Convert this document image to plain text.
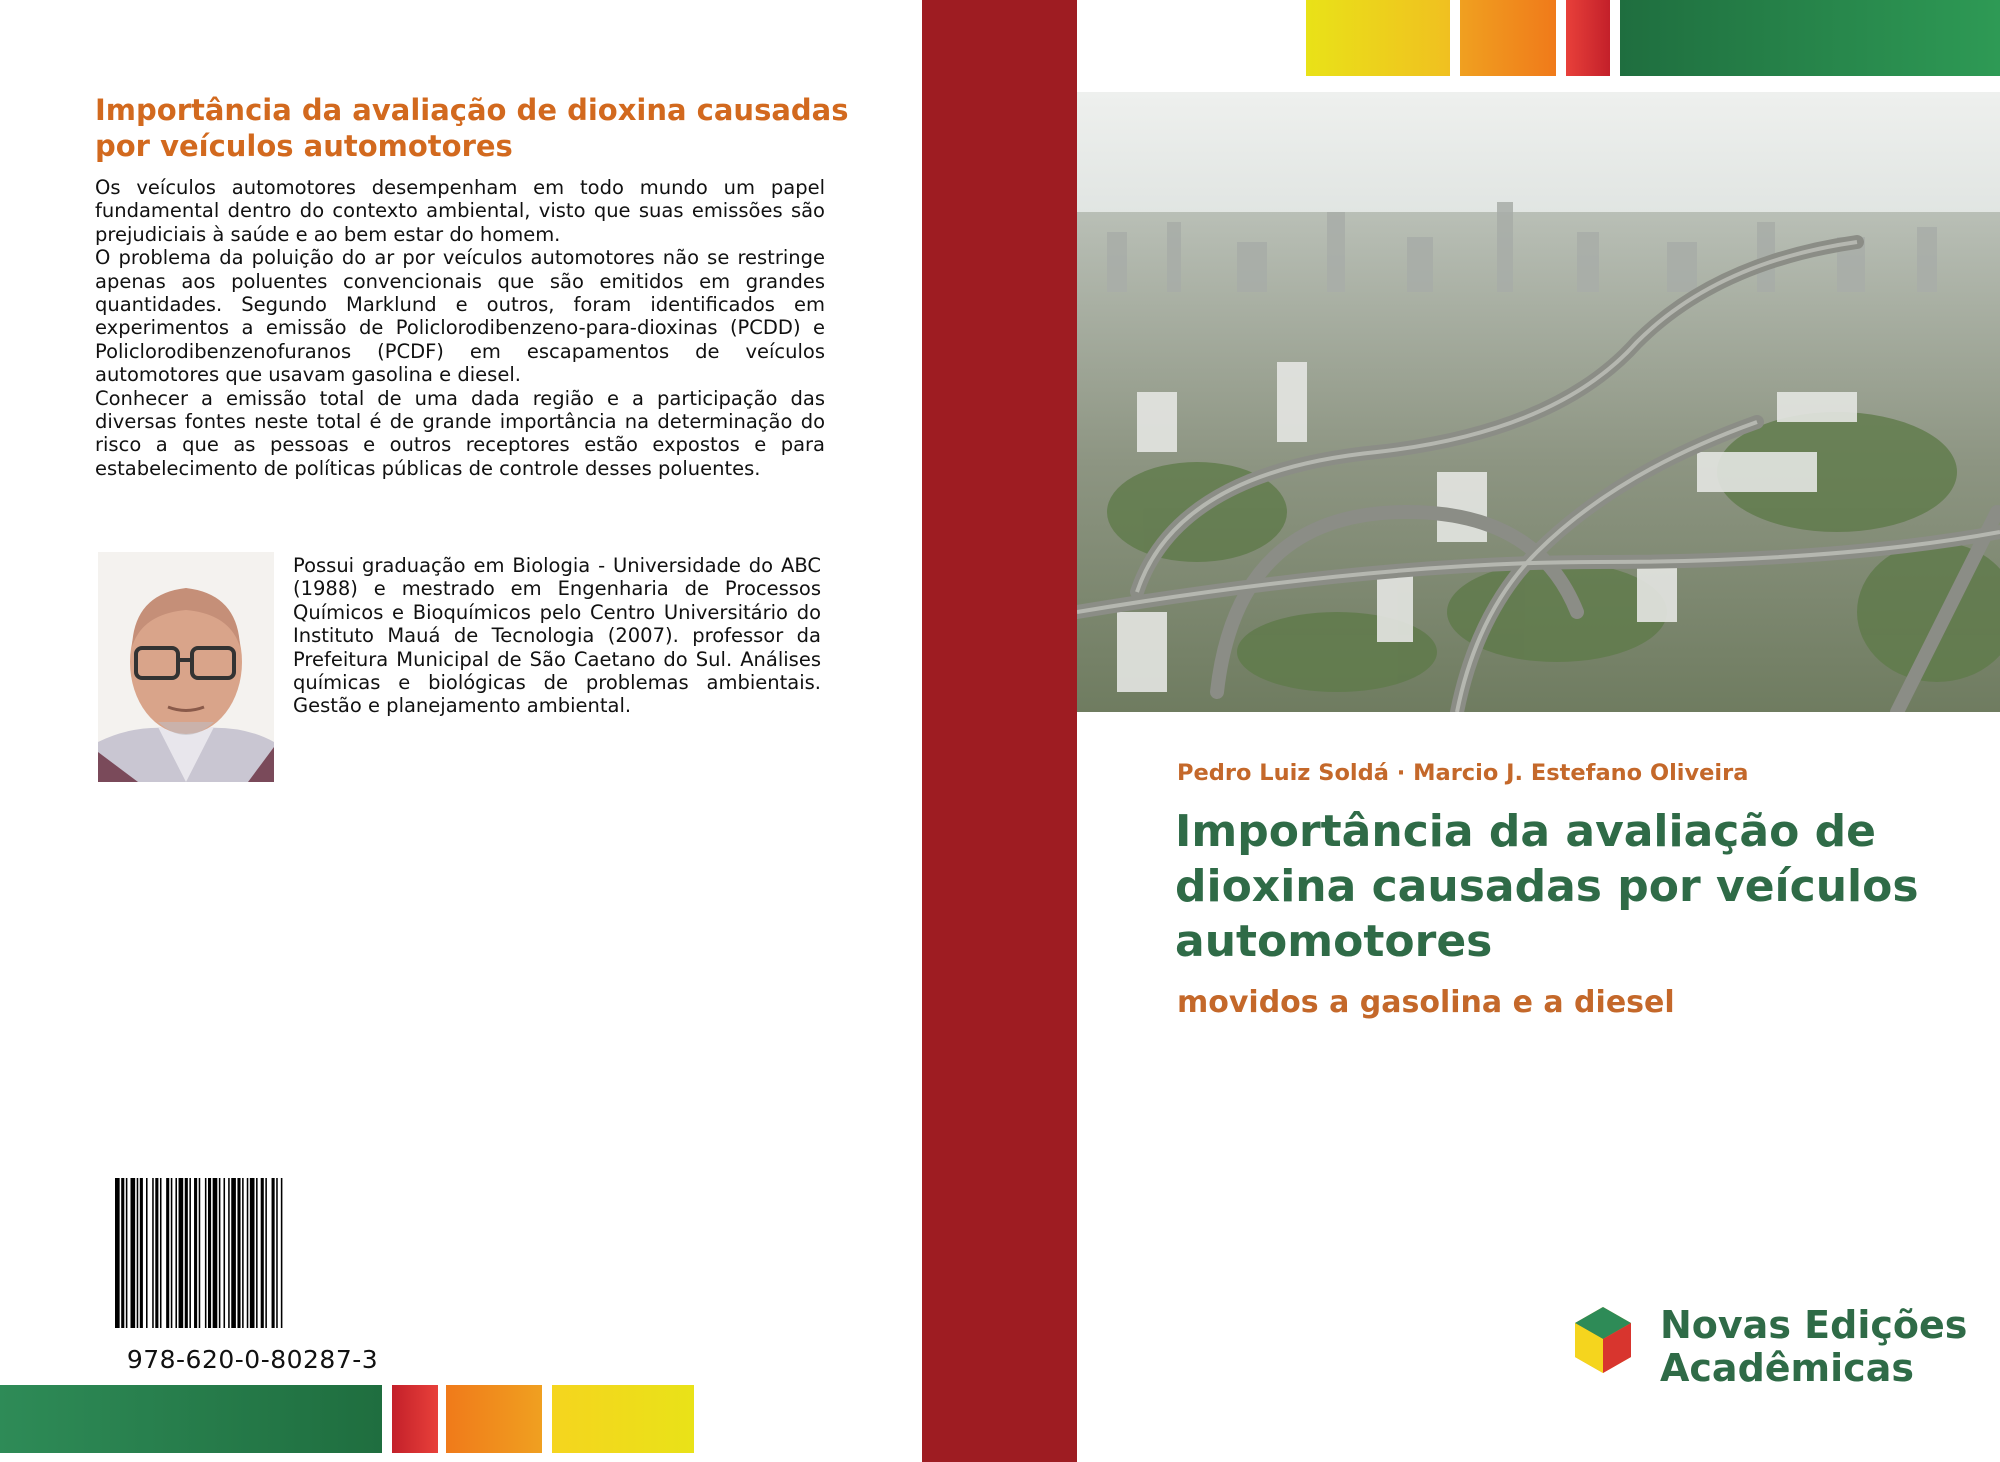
Importância da avaliação de dioxina causadas por veículos automotores

Os veículos automotores desempenham em todo mundo um papel fundamental dentro do contexto ambiental, visto que suas emissões são prejudiciais à saúde e ao bem estar do homem.

O problema da poluição do ar por veículos automotores não se restringe apenas aos poluentes convencionais que são emitidos em grandes quantidades. Segundo Marklund e outros, foram identificados em experimentos a emissão de Policlorodibenzeno-para-dioxinas (PCDD) e Policlorodibenzenofuranos (PCDF) em escapamentos de veículos automotores que usavam gasolina e diesel.

Conhecer a emissão total de uma dada região e a participação das diversas fontes neste total é de grande importância na determinação do risco a que as pessoas e outros receptores estão expostos e para estabelecimento de políticas públicas de controle desses poluentes.

Possui graduação em Biologia - Universidade do ABC (1988) e mestrado em Engenharia de Processos Químicos e Bioquímicos pelo Centro Universitário do Instituto Mauá de Tecnologia (2007). professor da Prefeitura Municipal de São Caetano do Sul. Análises químicas e biológicas de problemas ambientais. Gestão e planejamento ambiental.

978-620-0-80287-3
Pedro Luiz Soldá · Marcio J. Estefano Oliveira
Importância da avaliação de dioxina causadas por veículos automotores
movidos a gasolina e a diesel
Novas Edições
Acadêmicas
